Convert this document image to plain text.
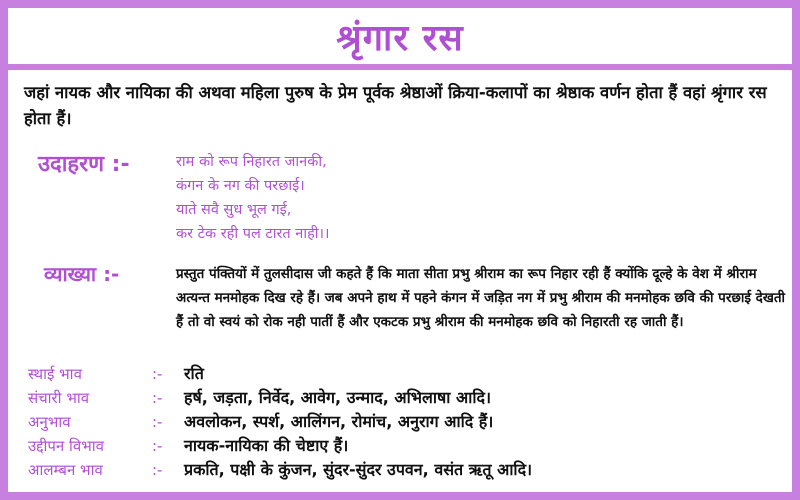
श्रृंगार रस
जहां नायक और नायिका की अथवा महिला पुरुष के प्रेम पूर्वक श्रेष्ठाओं क्रिया-कलापों का श्रेष्ठाक वर्णन होता हैं वहां श्रृंगार रस होता हैं।
उदाहरण :-	राम को रूप निहारत जानकी,
कंगन के नग की परछाई।
याते सवै सुध भूल गई,
कर टेक रही पल टारत नाही।।
व्याख्या :-	प्रस्तुत पंक्तियों में तुलसीदास जी कहते हैं कि माता सीता प्रभु श्रीराम का रूप निहार रही हैं क्योंकि दूल्हे के वेश में श्रीराम अत्यन्त मनमोहक दिख रहे हैं। जब अपने हाथ में पहने कंगन में जड़ित नग में प्रभु श्रीराम की मनमोहक छवि की परछाई देखती हैं तो वो स्वयं को रोक नही पातीं हैं और एकटक प्रभु श्रीराम की मनमोहक छवि को निहारती रह जाती हैं।
स्थाई भाव	:- रति
संचारी भाव	:- हर्ष, जड़ता, निर्वेद, आवेग, उन्माद, अभिलाषा आदि।
अनुभाव	:- अवलोकन, स्पर्श, आलिंगन, रोमांच, अनुराग आदि हैं।
उद्दीपन विभाव	:- नायक-नायिका की चेष्टाए हैं।
आलम्बन भाव	:- प्रकति, पक्षी के कुंजन, सुंदर-सुंदर उपवन, वसंत ऋतू आदि।
